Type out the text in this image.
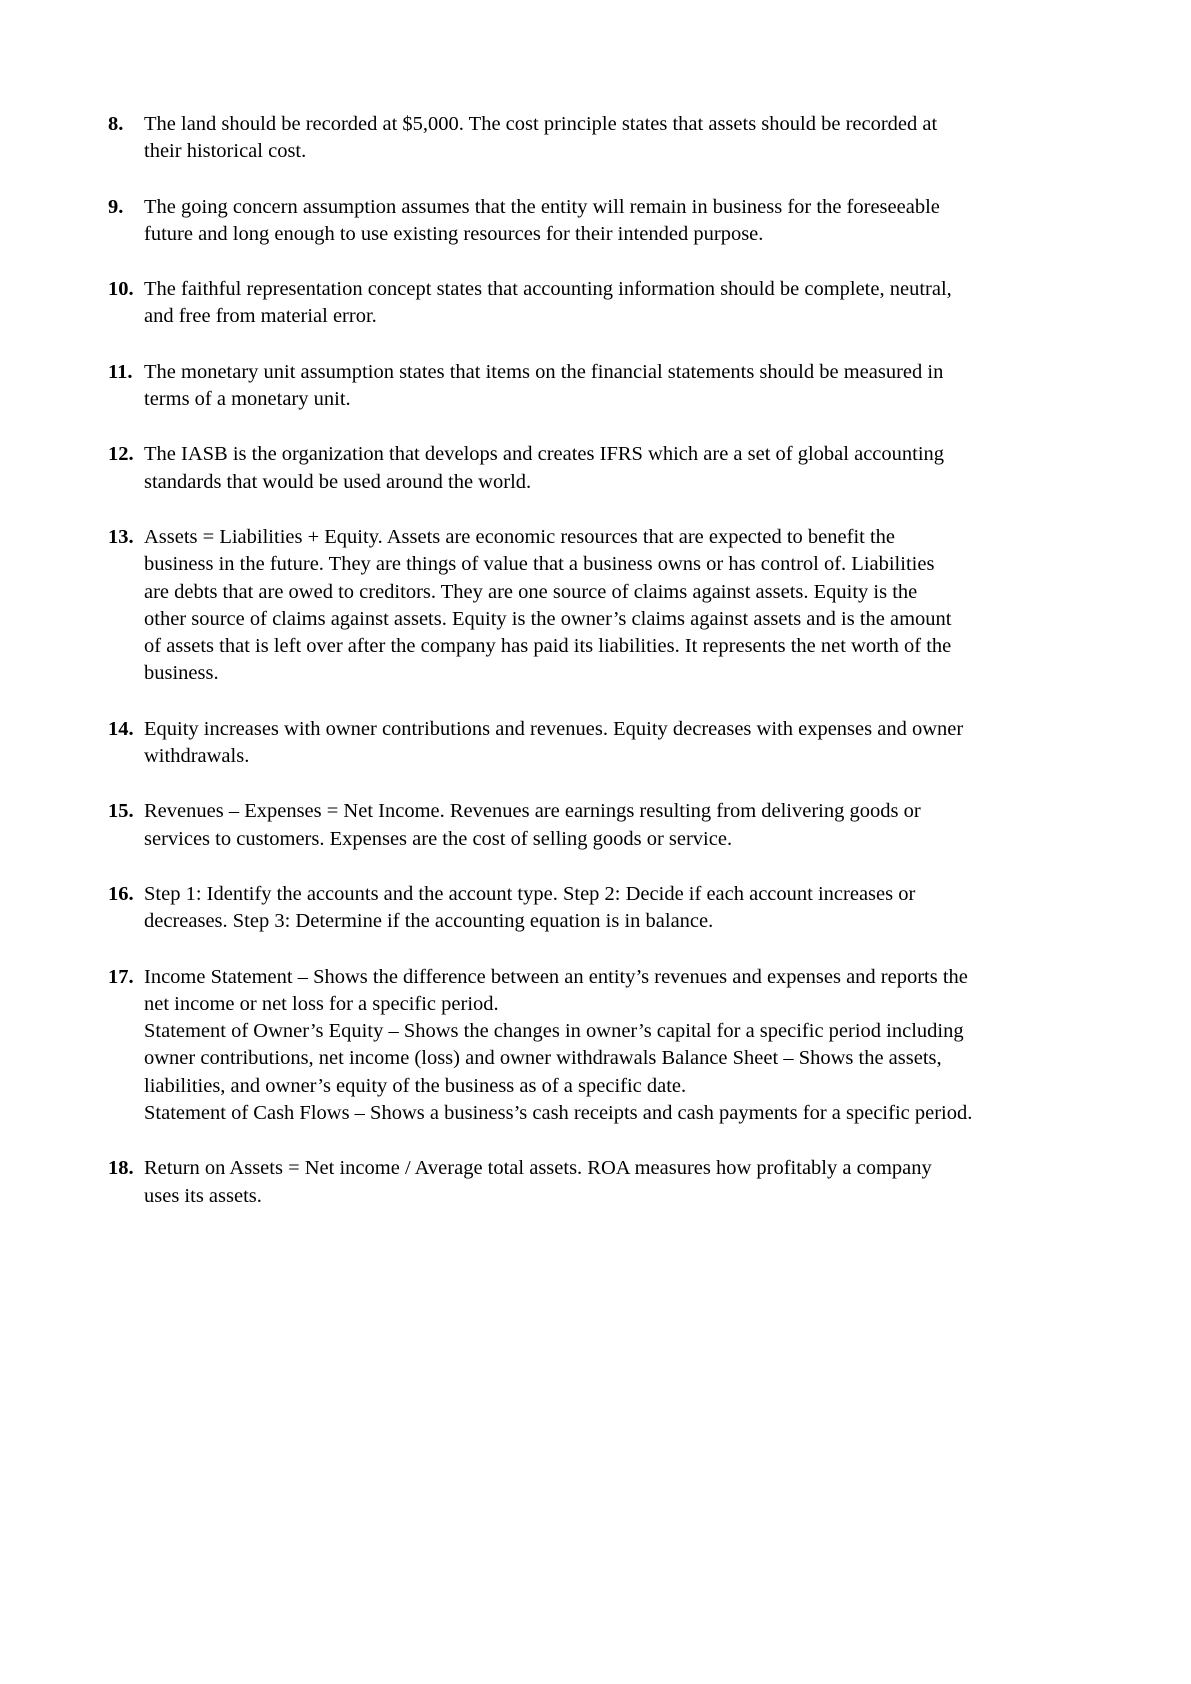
8. The land should be recorded at $5,000. The cost principle states that assets should be recorded at
their historical cost.
9. The going concern assumption assumes that the entity will remain in business for the foreseeable
future and long enough to use existing resources for their intended purpose.
10. The faithful representation concept states that accounting information should be complete, neutral,
and free from material error.
11. The monetary unit assumption states that items on the financial statements should be measured in
terms of a monetary unit.
12. The IASB is the organization that develops and creates IFRS which are a set of global accounting
standards that would be used around the world.
13. Assets = Liabilities + Equity. Assets are economic resources that are expected to benefit the
business in the future. They are things of value that a business owns or has control of. Liabilities
are debts that are owed to creditors. They are one source of claims against assets. Equity is the
other source of claims against assets. Equity is the owner’s claims against assets and is the amount
of assets that is left over after the company has paid its liabilities. It represents the net worth of the
business.
14. Equity increases with owner contributions and revenues. Equity decreases with expenses and owner
withdrawals.
15. Revenues – Expenses = Net Income. Revenues are earnings resulting from delivering goods or
services to customers. Expenses are the cost of selling goods or service.
16. Step 1: Identify the accounts and the account type. Step 2: Decide if each account increases or
decreases. Step 3: Determine if the accounting equation is in balance.
17. Income Statement – Shows the difference between an entity’s revenues and expenses and reports the
net income or net loss for a specific period.
Statement of Owner’s Equity – Shows the changes in owner’s capital for a specific period including
owner contributions, net income (loss) and owner withdrawals Balance Sheet – Shows the assets,
liabilities, and owner’s equity of the business as of a specific date.
Statement of Cash Flows – Shows a business’s cash receipts and cash payments for a specific period.
18. Return on Assets = Net income / Average total assets. ROA measures how profitably a company
uses its assets.
